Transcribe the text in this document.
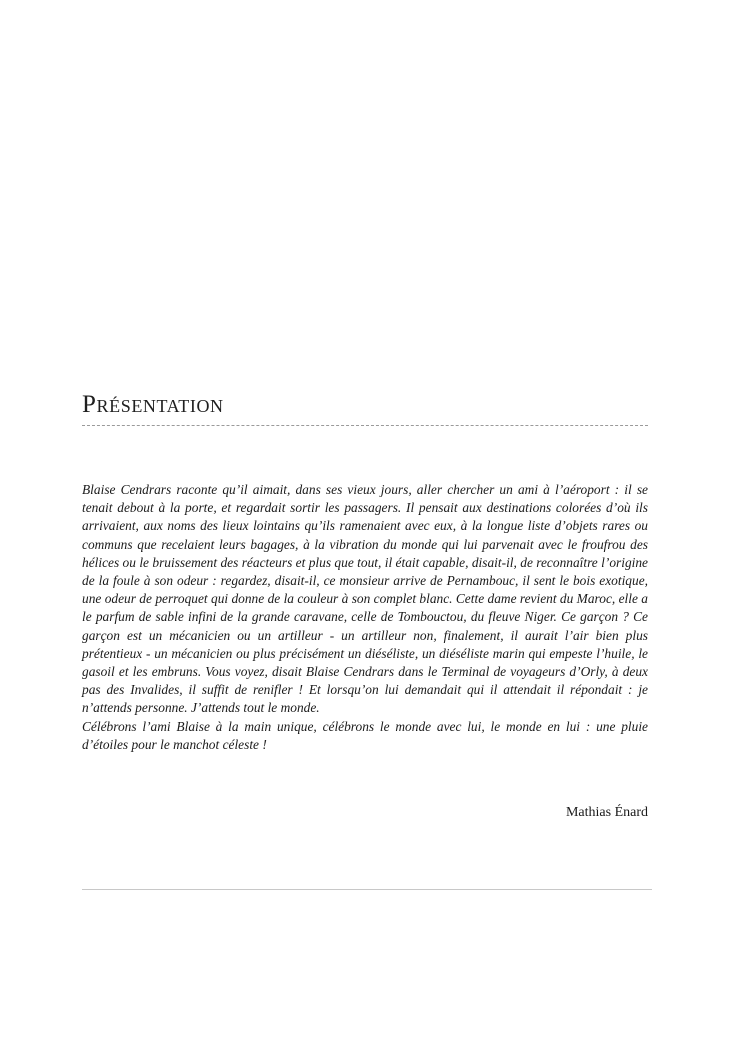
Présentation

Blaise Cendrars raconte qu’il aimait, dans ses vieux jours, aller chercher un ami à l’aéroport : il se tenait debout à la porte, et regardait sortir les passagers. Il pensait aux destinations colorées d’où ils arrivaient, aux noms des lieux lointains qu’ils ramenaient avec eux, à la longue liste d’objets rares ou communs que recelaient leurs bagages, à la vibration du monde qui lui parvenait avec le froufrou des hélices ou le bruissement des réacteurs et plus que tout, il était capable, disait-il, de reconnaître l’origine de la foule à son odeur : regardez, disait-il, ce monsieur arrive de Pernambouc, il sent le bois exotique, une odeur de perroquet qui donne de la couleur à son complet blanc. Cette dame revient du Maroc, elle a le parfum de sable infini de la grande caravane, celle de Tombouctou, du fleuve Niger. Ce garçon ? Ce garçon est un mécanicien ou un artilleur - un artilleur non, finalement, il aurait l’air bien plus prétentieux - un mécanicien ou plus précisément un diéséliste, un diéséliste marin qui empeste l’huile, le gasoil et les embruns. Vous voyez, disait Blaise Cendrars dans le Terminal de voyageurs d’Orly, à deux pas des Invalides, il suffit de renifler ! Et lorsqu’on lui demandait qui il attendait il répondait : je n’attends personne. J’attends tout le monde.

Célébrons l’ami Blaise à la main unique, célébrons le monde avec lui, le monde en lui : une pluie d’étoiles pour le manchot céleste !

Mathias Énard
